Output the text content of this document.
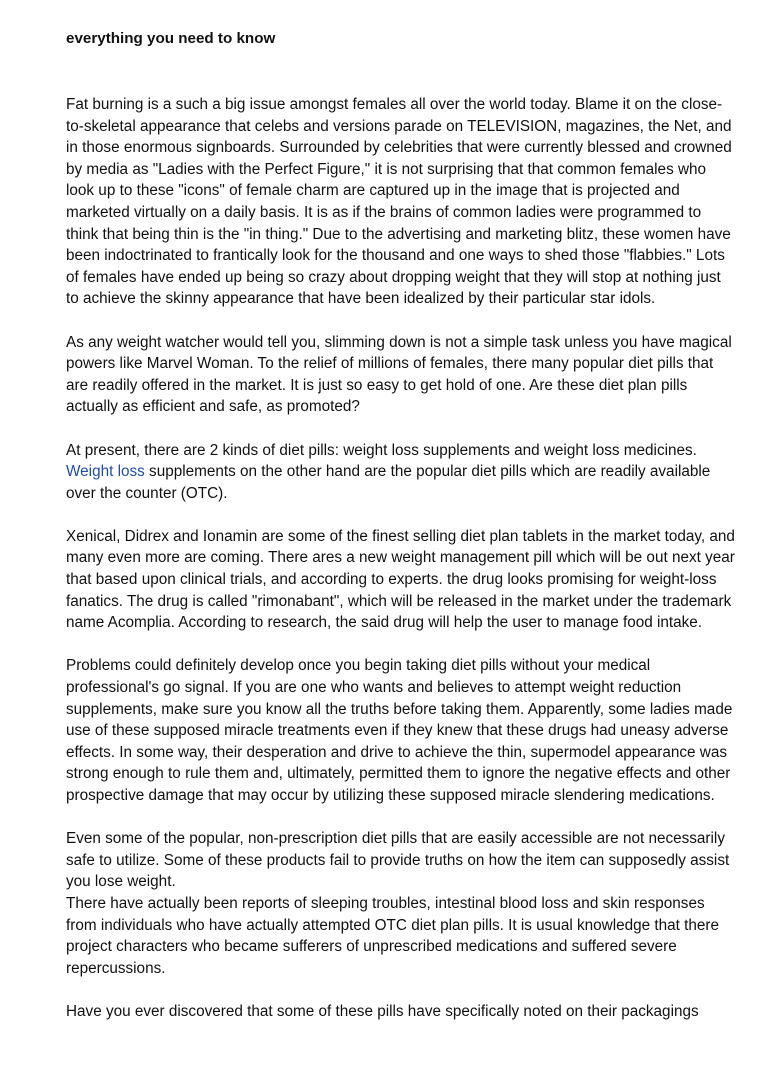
everything you need to know

Fat burning is a such a big issue amongst females all over the world today. Blame it on the close-to-skeletal appearance that celebs and versions parade on TELEVISION, magazines, the Net, and in those enormous signboards. Surrounded by celebrities that were currently blessed and crowned by media as "Ladies with the Perfect Figure," it is not surprising that that common females who look up to these "icons" of female charm are captured up in the image that is projected and marketed virtually on a daily basis. It is as if the brains of common ladies were programmed to think that being thin is the "in thing." Due to the advertising and marketing blitz, these women have been indoctrinated to frantically look for the thousand and one ways to shed those "flabbies." Lots of females have ended up being so crazy about dropping weight that they will stop at nothing just to achieve the skinny appearance that have been idealized by their particular star idols.

As any weight watcher would tell you, slimming down is not a simple task unless you have magical powers like Marvel Woman. To the relief of millions of females, there many popular diet pills that are readily offered in the market. It is just so easy to get hold of one. Are these diet plan pills actually as efficient and safe, as promoted?

At present, there are 2 kinds of diet pills: weight loss supplements and weight loss medicines. Weight loss supplements on the other hand are the popular diet pills which are readily available over the counter (OTC).

Xenical, Didrex and Ionamin are some of the finest selling diet plan tablets in the market today, and many even more are coming. There ares a new weight management pill which will be out next year that based upon clinical trials, and according to experts. the drug looks promising for weight-loss fanatics. The drug is called "rimonabant", which will be released in the market under the trademark name Acomplia. According to research, the said drug will help the user to manage food intake.

Problems could definitely develop once you begin taking diet pills without your medical professional's go signal. If you are one who wants and believes to attempt weight reduction supplements, make sure you know all the truths before taking them. Apparently, some ladies made use of these supposed miracle treatments even if they knew that these drugs had uneasy adverse effects. In some way, their desperation and drive to achieve the thin, supermodel appearance was strong enough to rule them and, ultimately, permitted them to ignore the negative effects and other prospective damage that may occur by utilizing these supposed miracle slendering medications.

Even some of the popular, non-prescription diet pills that are easily accessible are not necessarily safe to utilize. Some of these products fail to provide truths on how the item can supposedly assist you lose weight.

There have actually been reports of sleeping troubles, intestinal blood loss and skin responses from individuals who have actually attempted OTC diet plan pills. It is usual knowledge that there project characters who became sufferers of unprescribed medications and suffered severe repercussions.

Have you ever discovered that some of these pills have specifically noted on their packagings
